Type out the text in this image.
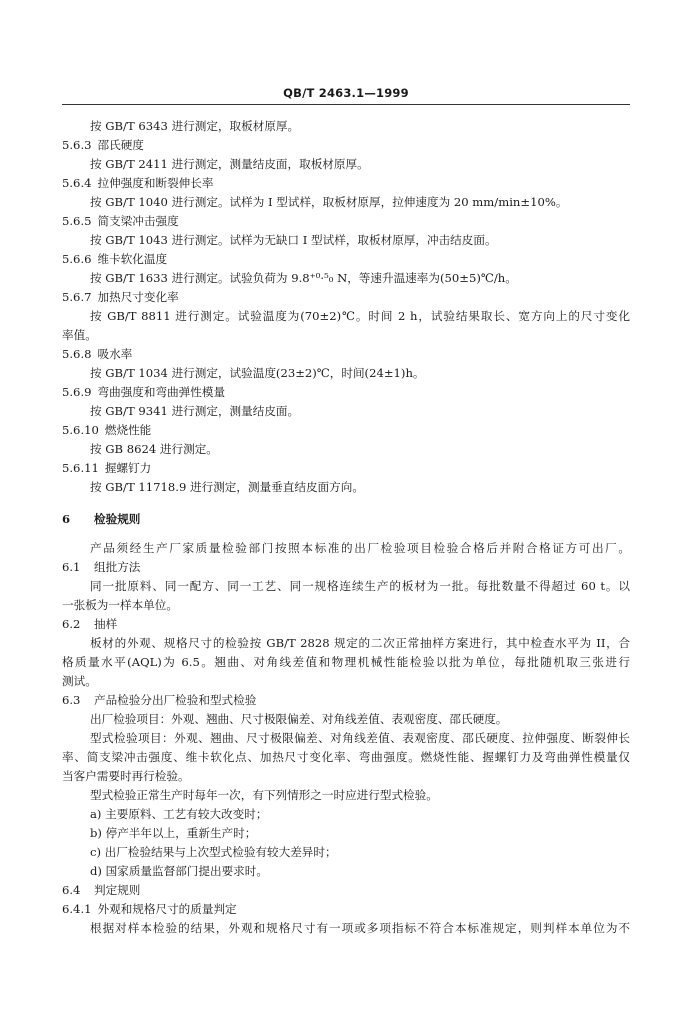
QB/T 2463.1—1999
按 GB/T 6343 进行测定，取板材原厚。
5.6.3 邵氏硬度
按 GB/T 2411 进行测定，测量结皮面，取板材原厚。
5.6.4 拉伸强度和断裂伸长率
按 GB/T 1040 进行测定。试样为 I 型试样，取板材原厚，拉伸速度为 20 mm/min±10%。
5.6.5 简支梁冲击强度
按 GB/T 1043 进行测定。试样为无缺口 I 型试样，取板材原厚，冲击结皮面。
5.6.6 维卡软化温度
按 GB/T 1633 进行测定。试验负荷为 9.8⁺⁰·⁵₀ N，等速升温速率为(50±5)℃/h。
5.6.7 加热尺寸变化率
按 GB/T 8811 进行测定。试验温度为(70±2)℃。时间 2 h，试验结果取长、宽方向上的尺寸变化
率值。
5.6.8 吸水率
按 GB/T 1034 进行测定，试验温度(23±2)℃，时间(24±1)h。
5.6.9 弯曲强度和弯曲弹性模量
按 GB/T 9341 进行测定，测量结皮面。
5.6.10 燃烧性能
按 GB 8624 进行测定。
5.6.11 握螺钉力
按 GB/T 11718.9 进行测定，测量垂直结皮面方向。
6 检验规则
产品须经生产厂家质量检验部门按照本标准的出厂检验项目检验合格后并附合格证方可出厂。
6.1 组批方法
同一批原料、同一配方、同一工艺、同一规格连续生产的板材为一批。每批数量不得超过 60 t。以
一张板为一样本单位。
6.2 抽样
板材的外观、规格尺寸的检验按 GB/T 2828 规定的二次正常抽样方案进行，其中检查水平为 II，合
格质量水平(AQL)为 6.5。翘曲、对角线差值和物理机械性能检验以批为单位，每批随机取三张进行
测试。
6.3 产品检验分出厂检验和型式检验
出厂检验项目：外观、翘曲、尺寸极限偏差、对角线差值、表观密度、邵氏硬度。
型式检验项目：外观、翘曲、尺寸极限偏差、对角线差值、表观密度、邵氏硬度、拉伸强度、断裂伸长
率、简支梁冲击强度、维卡软化点、加热尺寸变化率、弯曲强度。燃烧性能、握螺钉力及弯曲弹性模量仅
当客户需要时再行检验。
型式检验正常生产时每年一次，有下列情形之一时应进行型式检验。
a) 主要原料、工艺有较大改变时；
b) 停产半年以上，重新生产时；
c) 出厂检验结果与上次型式检验有较大差异时；
d) 国家质量监督部门提出要求时。
6.4 判定规则
6.4.1 外观和规格尺寸的质量判定
根据对样本检验的结果，外观和规格尺寸有一项或多项指标不符合本标准规定，则判样本单位为不
